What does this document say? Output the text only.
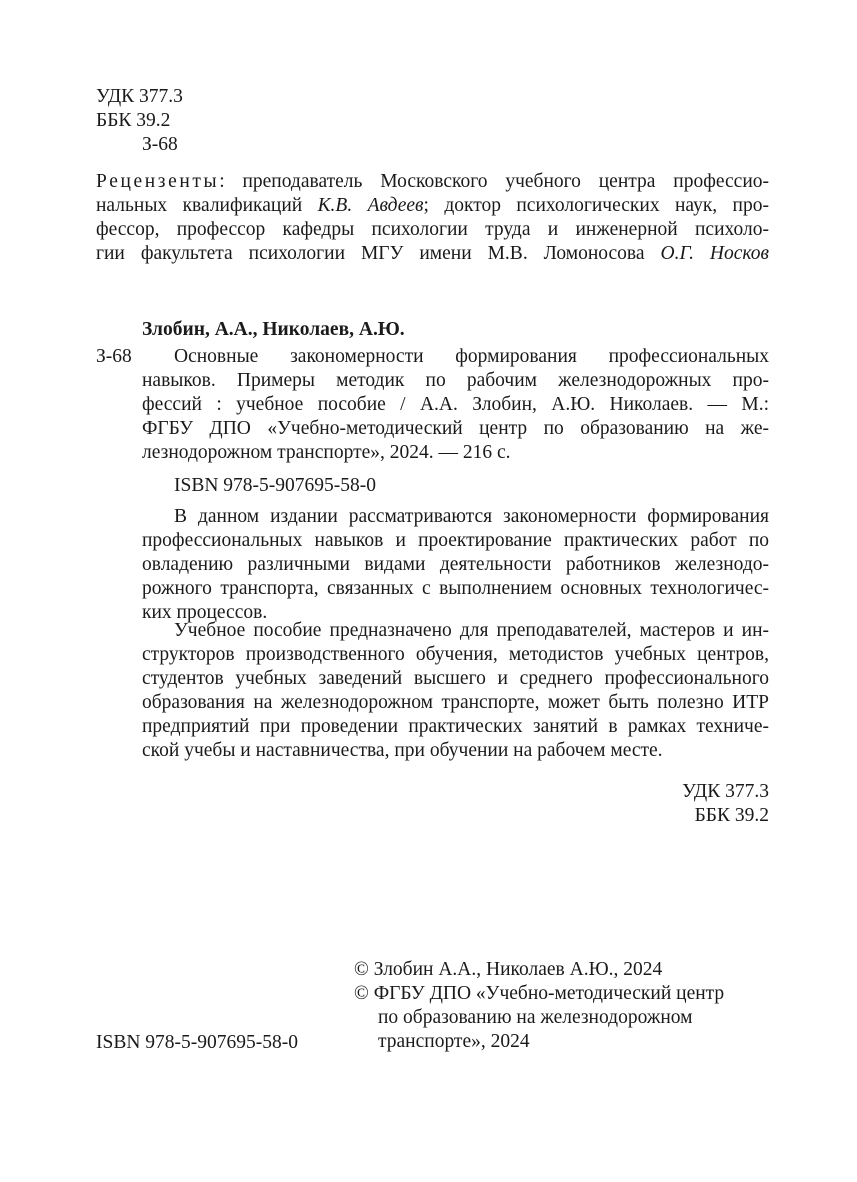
УДК 377.3
ББК 39.2
З-68
Рецензенты: преподаватель Московского учебного центра профессио-
нальных квалификаций К.В. Авдеев; доктор психологических наук, про-
фессор, профессор кафедры психологии труда и инженерной психоло-
гии факультета психологии МГУ имени М.В. Ломоносова О.Г. Носков
Злобин, А.А., Николаев, А.Ю.
З-68 Основные закономерности формирования профессиональных
навыков. Примеры методик по рабочим железнодорожных про-
фессий : учебное пособие / А.А. Злобин, А.Ю. Николаев. — М.:
ФГБУ ДПО «Учебно-методический центр по образованию на же-
лезнодорожном транспорте», 2024. — 216 с.
ISBN 978-5-907695-58-0
В данном издании рассматриваются закономерности формирования
профессиональных навыков и проектирование практических работ по
овладению различными видами деятельности работников железнодо-
рожного транспорта, связанных с выполнением основных технологичес-
ких процессов.
Учебное пособие предназначено для преподавателей, мастеров и ин-
структоров производственного обучения, методистов учебных центров,
студентов учебных заведений высшего и среднего профессионального
образования на железнодорожном транспорте, может быть полезно ИТР
предприятий при проведении практических занятий в рамках техниче-
ской учебы и наставничества, при обучении на рабочем месте.
УДК 377.3
ББК 39.2
© Злобин А.А., Николаев А.Ю., 2024
© ФГБУ ДПО «Учебно-методический центр
по образованию на железнодорожном
транспорте», 2024
ISBN 978-5-907695-58-0
